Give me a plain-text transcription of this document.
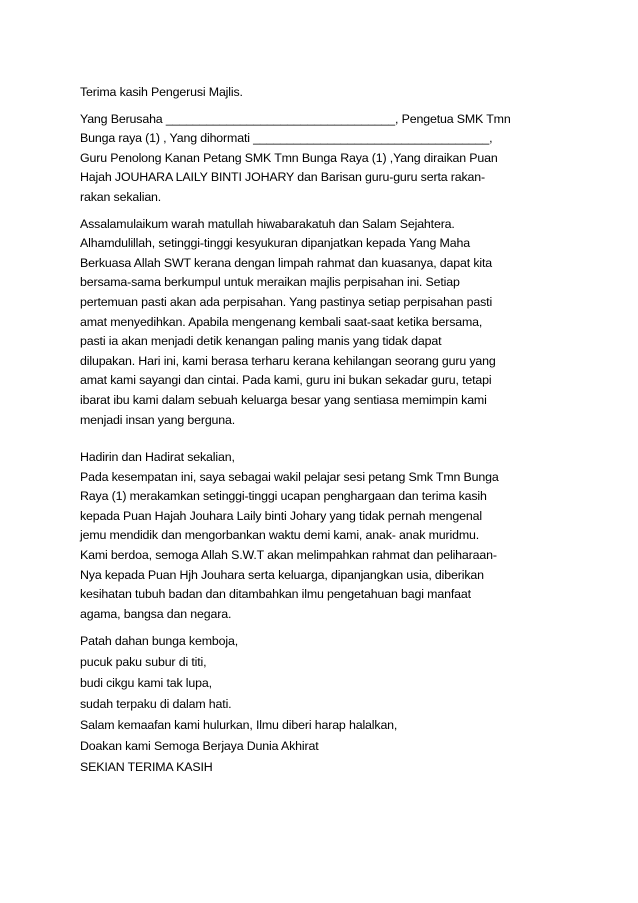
Terima kasih Pengerusi Majlis.

Yang Berusaha __________________________________, Pengetua SMK Tmn
Bunga raya (1) , Yang dihormati ___________________________________,
Guru Penolong Kanan Petang SMK Tmn Bunga Raya (1) ,Yang diraikan Puan
Hajah JOUHARA LAILY BINTI JOHARY dan Barisan guru-guru serta rakan-
rakan sekalian.

Assalamulaikum warah matullah hiwabarakatuh dan Salam Sejahtera.
Alhamdulillah, setinggi-tinggi kesyukuran dipanjatkan kepada Yang Maha
Berkuasa Allah SWT kerana dengan limpah rahmat dan kuasanya, dapat kita
bersama-sama berkumpul untuk meraikan majlis perpisahan ini. Setiap
pertemuan pasti akan ada perpisahan. Yang pastinya setiap perpisahan pasti
amat menyedihkan. Apabila mengenang kembali saat-saat ketika bersama,
pasti ia akan menjadi detik kenangan paling manis yang tidak dapat
dilupakan. Hari ini, kami berasa terharu kerana kehilangan seorang guru yang
amat kami sayangi dan cintai. Pada kami, guru ini bukan sekadar guru, tetapi
ibarat ibu kami dalam sebuah keluarga besar yang sentiasa memimpin kami
menjadi insan yang berguna.

Hadirin dan Hadirat sekalian,
Pada kesempatan ini, saya sebagai wakil pelajar sesi petang Smk Tmn Bunga
Raya (1) merakamkan setinggi-tinggi ucapan penghargaan dan terima kasih
kepada Puan Hajah Jouhara Laily binti Johary yang tidak pernah mengenal
jemu mendidik dan mengorbankan waktu demi kami, anak- anak muridmu.
Kami berdoa, semoga Allah S.W.T akan melimpahkan rahmat dan peliharaan-
Nya kepada Puan Hjh Jouhara serta keluarga, dipanjangkan usia, diberikan
kesihatan tubuh badan dan ditambahkan ilmu pengetahuan bagi manfaat
agama, bangsa dan negara.

Patah dahan bunga kemboja,
pucuk paku subur di titi,
budi cikgu kami tak lupa,
sudah terpaku di dalam hati.
Salam kemaafan kami hulurkan, Ilmu diberi harap halalkan,
Doakan kami Semoga Berjaya Dunia Akhirat
SEKIAN TERIMA KASIH
